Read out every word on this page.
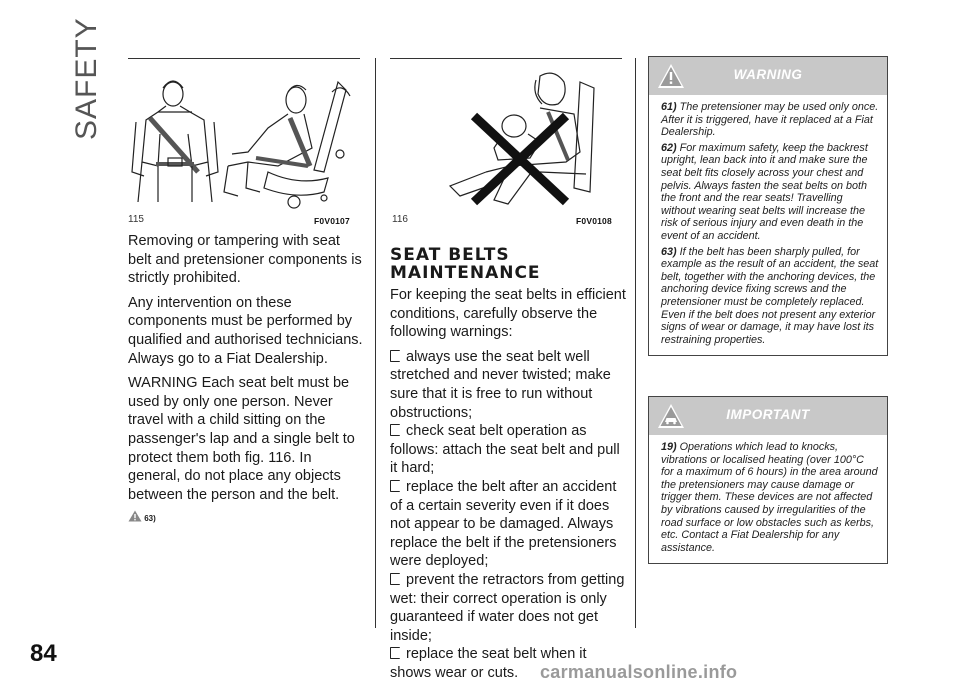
SAFETY
84
115	F0V0107	116	F0V0108

Removing or tampering with seat belt and pretensioner components is strictly prohibited.

Any intervention on these components must be performed by qualified and authorised technicians. Always go to a Fiat Dealership.

WARNING Each seat belt must be used by only one person. Never travel with a child sitting on the passenger's lap and a single belt to protect them both fig. 116. In general, do not place any objects between the person and the belt.

63)
SEAT BELTS
MAINTENANCE

For keeping the seat belts in efficient conditions, carefully observe the following warnings:

always use the seat belt well stretched and never twisted; make sure that it is free to run without obstructions;
check seat belt operation as follows: attach the seat belt and pull it hard;
replace the belt after an accident of a certain severity even if it does not appear to be damaged. Always replace the belt if the pretensioners were deployed;
prevent the retractors from getting wet: their correct operation is only guaranteed if water does not get inside;
replace the seat belt when it shows wear or cuts.
WARNING

61) The pretensioner may be used only once. After it is triggered, have it replaced at a Fiat Dealership.

62) For maximum safety, keep the backrest upright, lean back into it and make sure the seat belt fits closely across your chest and pelvis. Always fasten the seat belts on both the front and the rear seats! Travelling without wearing seat belts will increase the risk of serious injury and even death in the event of an accident.

63) If the belt has been sharply pulled, for example as the result of an accident, the seat belt, together with the anchoring devices, the anchoring device fixing screws and the pretensioner must be completely replaced. Even if the belt does not present any exterior signs of wear or damage, it may have lost its restraining properties.

IMPORTANT

19) Operations which lead to knocks, vibrations or localised heating (over 100°C for a maximum of 6 hours) in the area around the pretensioners may cause damage or trigger them. These devices are not affected by vibrations caused by irregularities of the road surface or low obstacles such as kerbs, etc. Contact a Fiat Dealership for any assistance.

carmanualsonline.info
